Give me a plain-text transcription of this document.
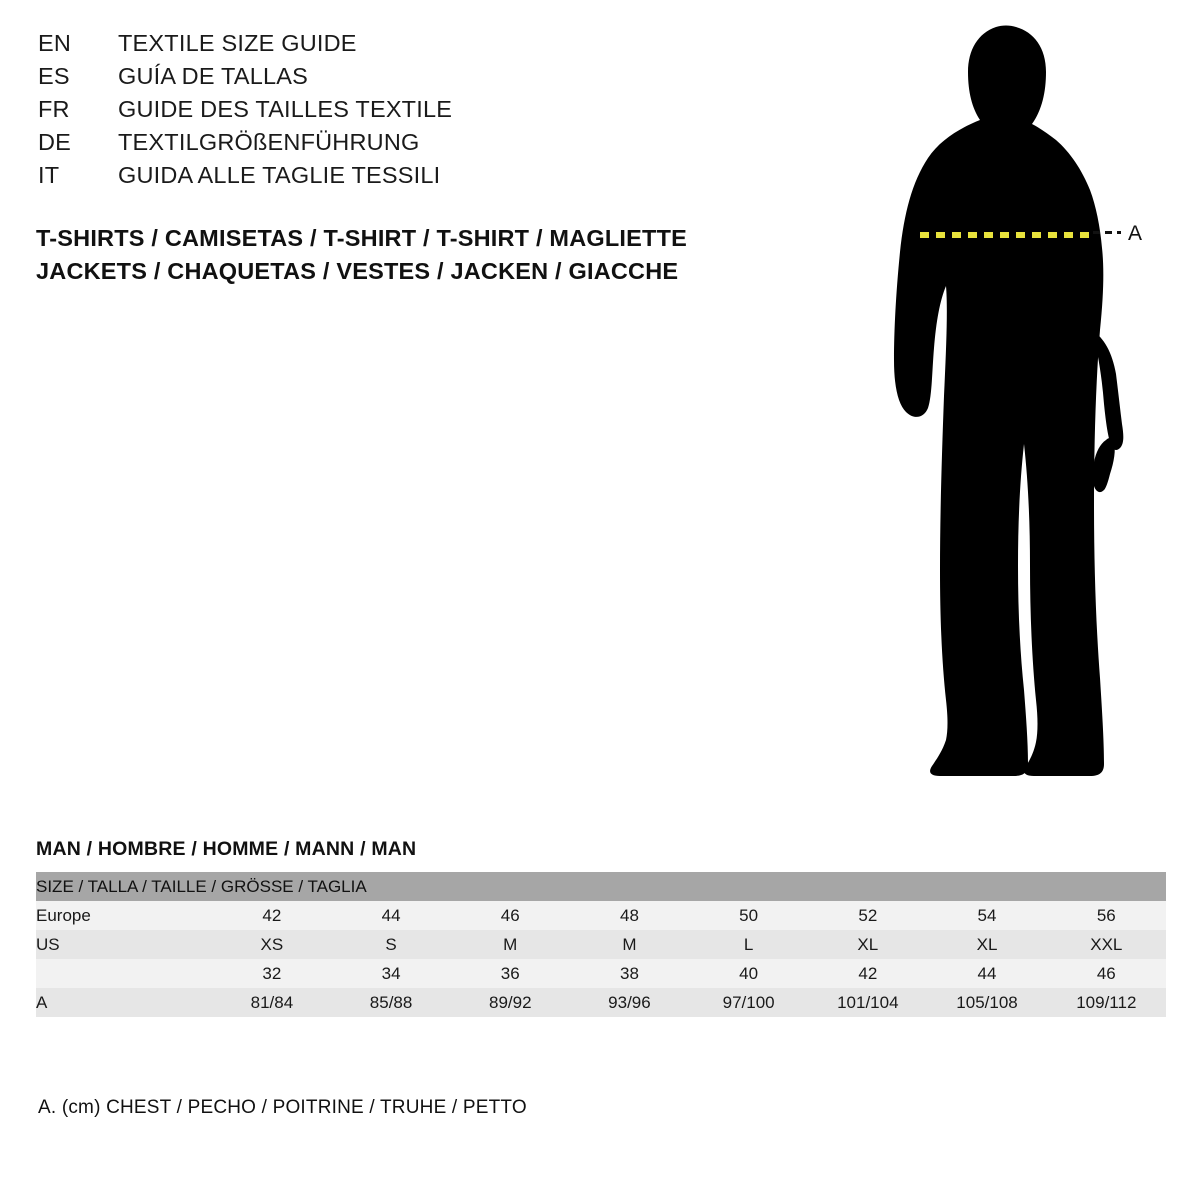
EN	TEXTILE SIZE GUIDE
ES	GUÍA DE TALLAS
FR	GUIDE DES TAILLES TEXTILE
DE	TEXTILGRÖßENFÜHRUNG
IT	GUIDA ALLE TAGLIE TESSILI
T-SHIRTS / CAMISETAS / T-SHIRT / T-SHIRT / MAGLIETTE
JACKETS / CHAQUETAS / VESTES / JACKEN / GIACCHE
A
MAN / HOMBRE / HOMME / MANN / MAN
SIZE / TALLA / TAILLE / GRÖSSE / TAGLIA								
Europe	42	44	46	48	50	52	54	56
US	XS	S	M	M	L	XL	XL	XXL
	32	34	36	38	40	42	44	46
A	81/84	85/88	89/92	93/96	97/100	101/104	105/108	109/112
A. (cm) CHEST / PECHO / POITRINE / TRUHE / PETTO
